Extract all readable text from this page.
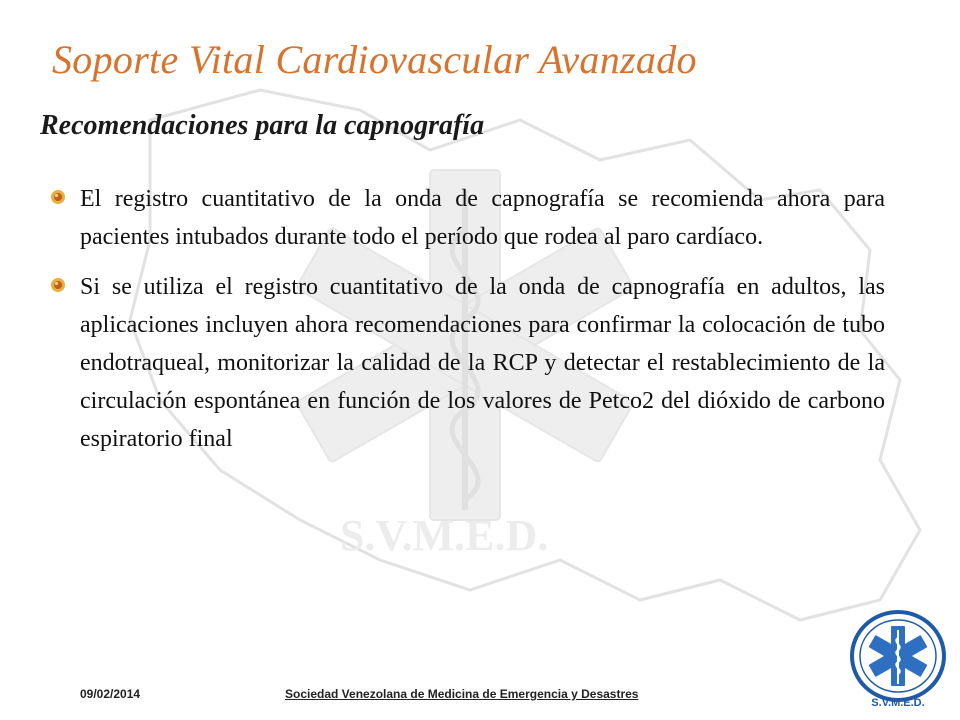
S.V.M.E.D.
Soporte Vital Cardiovascular Avanzado
Recomendaciones para la capnografía
El registro cuantitativo de la onda de capnografía se recomienda ahora para pacientes intubados durante todo el período que rodea al paro cardíaco.
Si se utiliza el registro cuantitativo de la onda de capnografía en adultos, las aplicaciones incluyen ahora recomendaciones para confirmar la colocación de tubo endotraqueal, monitorizar la calidad de la RCP y detectar el restablecimiento de la circulación espontánea en función de los valores de Petco2 del dióxido de carbono espiratorio final
09/02/2014	Sociedad Venezolana de Medicina de Emergencia y Desastres
S.V.M.E.D.
